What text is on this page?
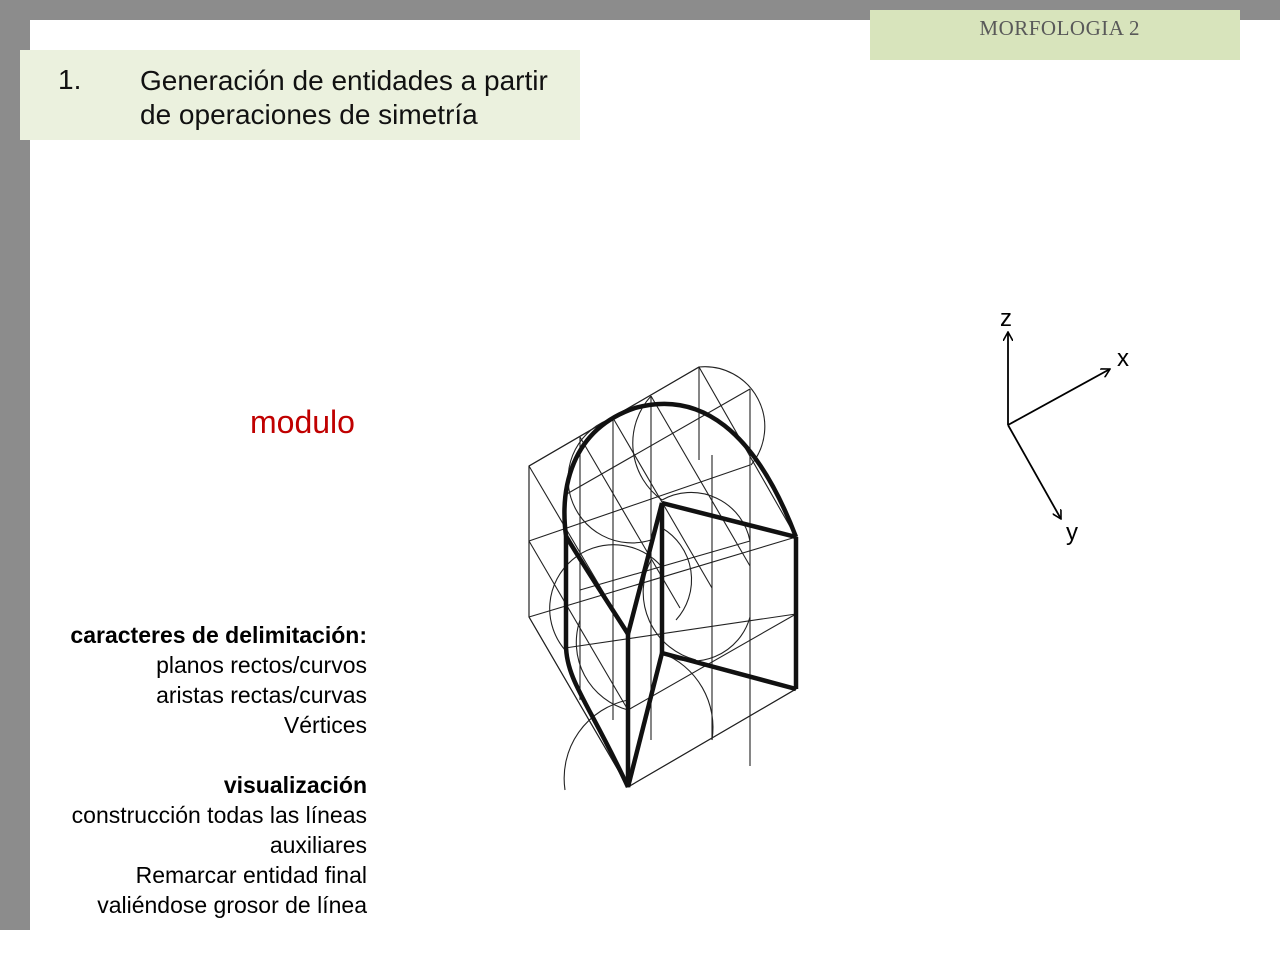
MORFOLOGIA 2
1. Generación de entidades a partir
de operaciones de simetría
modulo
caracteres de delimitación:
planos rectos/curvos
aristas rectas/curvas
Vértices
visualización
construcción todas las líneas
auxiliares
Remarcar entidad final
valiéndose grosor de línea
z
x
y
